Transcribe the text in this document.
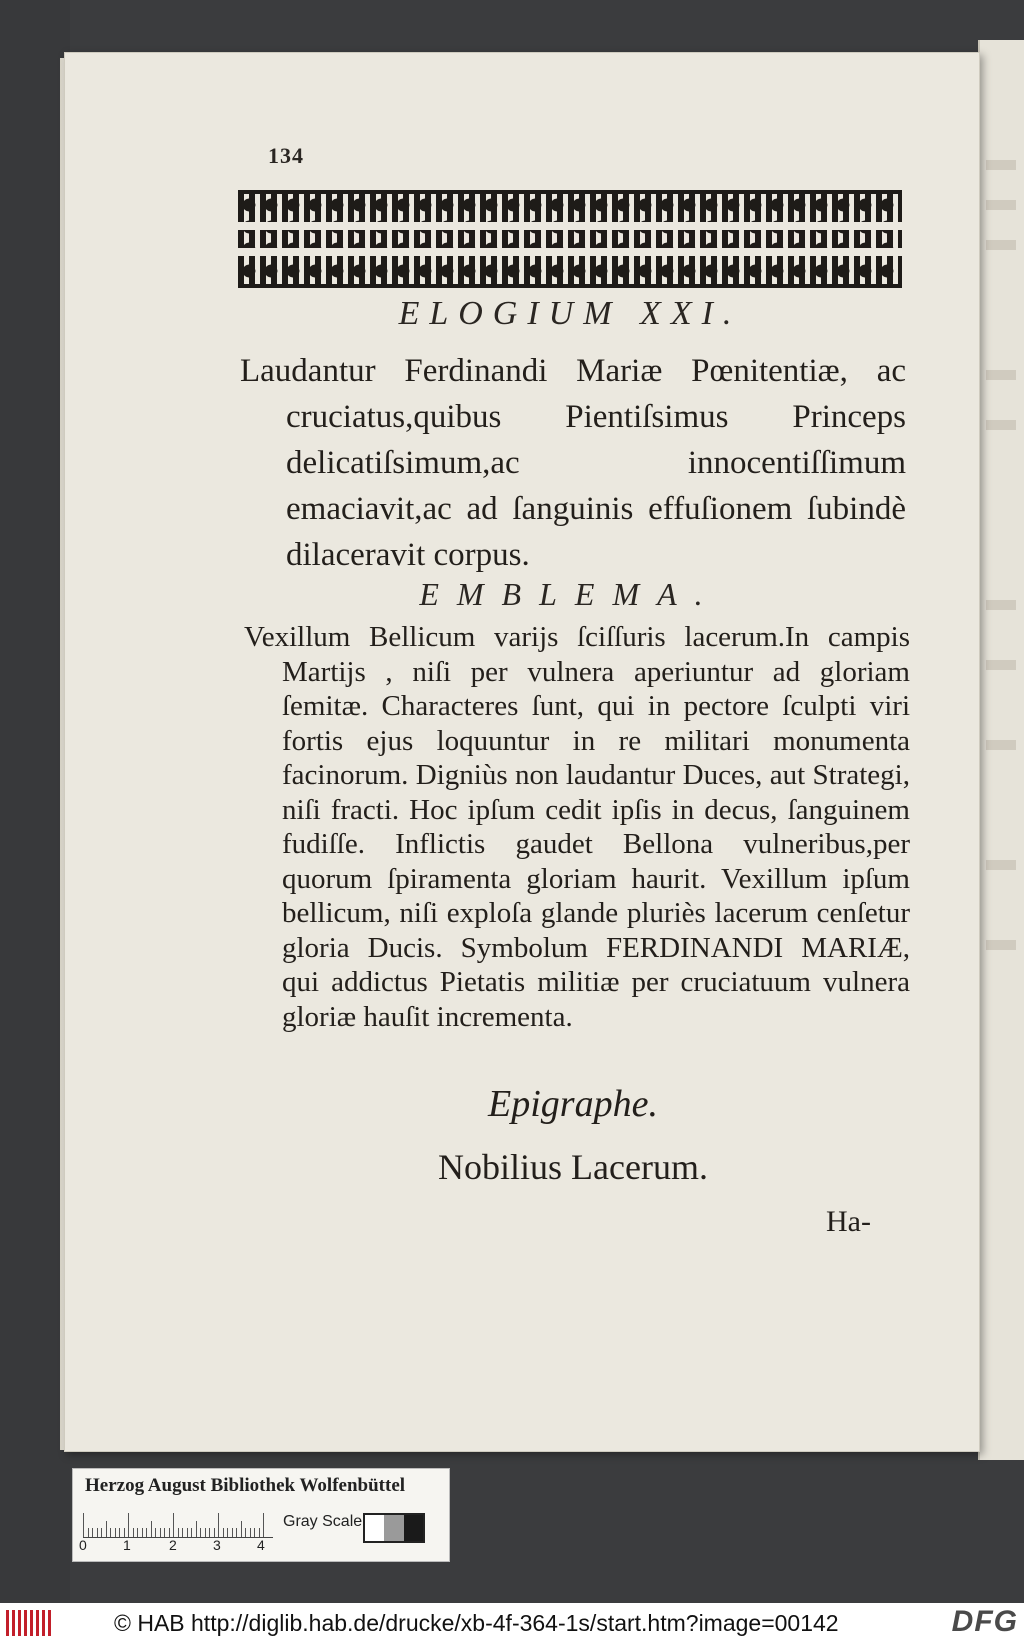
134
ELOGIUM XXI.

Laudantur Ferdinandi Mariæ Pœnitentiæ, ac cruciatus,quibus Pientiſsimus Princeps delicatiſsimum,ac innocentiſſimum emaciavit,ac ad ſanguinis effuſionem ſubindè dilaceravit corpus.

EMBLEMA.

Vexillum Bellicum varijs ſciſſuris lacerum.In campis Martijs , niſi per vulnera aperiuntur ad gloriam ſemitæ. Characteres ſunt, qui in pectore ſculpti viri fortis ejus loquuntur in re militari monumenta facinorum. Digniùs non laudantur Duces, aut Strategi, niſi fracti. Hoc ipſum cedit ipſis in decus, ſanguinem fudiſſe. Inflictis gaudet Bellona vulneribus,per quorum ſpiramenta gloriam haurit. Vexillum ipſum bellicum, niſi exploſa glande pluriès lacerum cenſetur gloria Ducis. Symbolum FERDINANDI MARIÆ, qui addictus Pietatis militiæ per cruciatuum vulnera gloriæ hauſit incrementa.

Epigraphe.
Nobilius Lacerum.
Ha-
Herzog August Bibliothek Wolfenbüttel
0	1	2	3	4
Gray Scale
© HAB http://diglib.hab.de/drucke/xb-4f-364-1s/start.htm?image=00142	DFG
